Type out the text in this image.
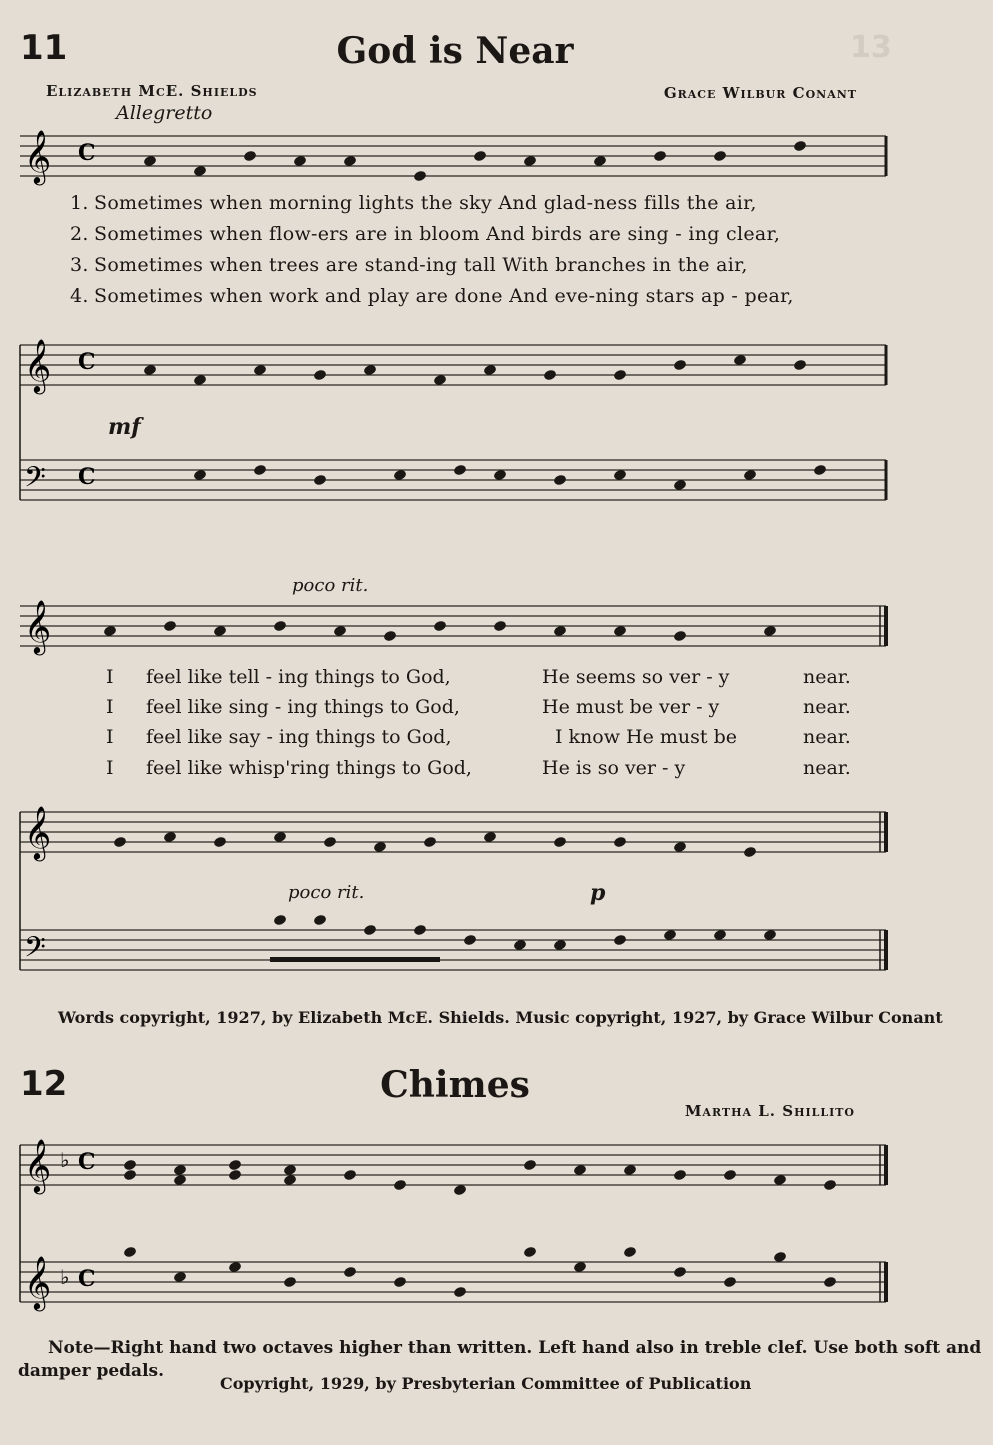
13
11	God is Near
Elizabeth McE. Shields	Grace Wilbur Conant
Allegretto
𝄞 C
𝄞 C
𝄢 C
𝄞
𝄞
𝄢
𝄞 ♭ C
𝄞 ♭ C
mf
poco rit.
poco rit.	p
1. Sometimes when morning lights the sky And glad-ness fills the air,
2. Sometimes when flow-ers are in bloom And birds are sing - ing clear,
3. Sometimes when trees are stand-ing tall With branches in the air,
4. Sometimes when work and play are done And eve-ning stars ap - pear,
I feel like tell - ing things to God,	He seems so ver - y	near.
I feel like sing - ing things to God,	He must be ver - y	near.
I feel like say - ing things to God,	I know He must be	near.
I feel like whisp'ring things to God,	He is so ver - y	near.
Words copyright, 1927, by Elizabeth McE. Shields. Music copyright, 1927, by Grace Wilbur Conant
12	Chimes
Martha L. Shillito
Note—Right hand two octaves higher than written. Left hand also in treble clef. Use both soft and
damper pedals.
Copyright, 1929, by Presbyterian Committee of Publication
